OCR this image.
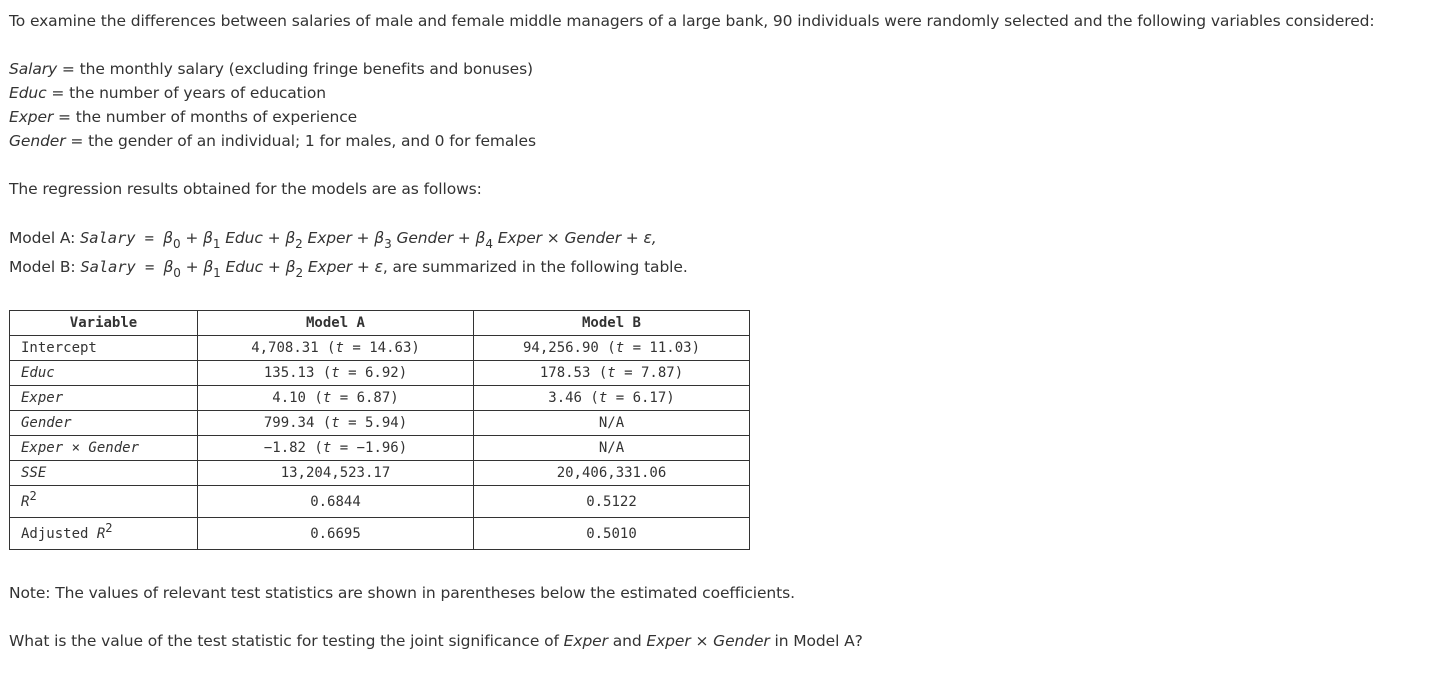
To examine the differences between salaries of male and female middle managers of a large bank, 90 individuals were randomly selected and the following variables considered:
Salary = the monthly salary (excluding fringe benefits and bonuses)
Educ = the number of years of education
Exper = the number of months of experience
Gender = the gender of an individual; 1 for males, and 0 for females
The regression results obtained for the models are as follows:
Model A: Salary = $\beta_0 + \beta_1$ Educ + $\beta_2$ Exper + $\beta_3$ Gender + $\beta_4$ Exper × Gender + ε,
Model B: Salary = $\beta_0 + \beta_1$ Educ + $\beta_2$ Exper + ε, are summarized in the following table.
Variable	Model A	Model B
Intercept	4,708.31 (t = 14.63)	94,256.90 (t = 11.03)
Educ	135.13 (t = 6.92)	178.53 (t = 7.87)
Exper	4.10 (t = 6.87)	3.46 (t = 6.17)
Gender	799.34 (t = 5.94)	N/A
Exper × Gender	−1.82 (t = −1.96)	N/A
SSE	13,204,523.17	20,406,331.06
R2	0.6844	0.5122
Adjusted R2	0.6695	0.5010
Note: The values of relevant test statistics are shown in parentheses below the estimated coefficients.
What is the value of the test statistic for testing the joint significance of Exper and Exper × Gender in Model A?
